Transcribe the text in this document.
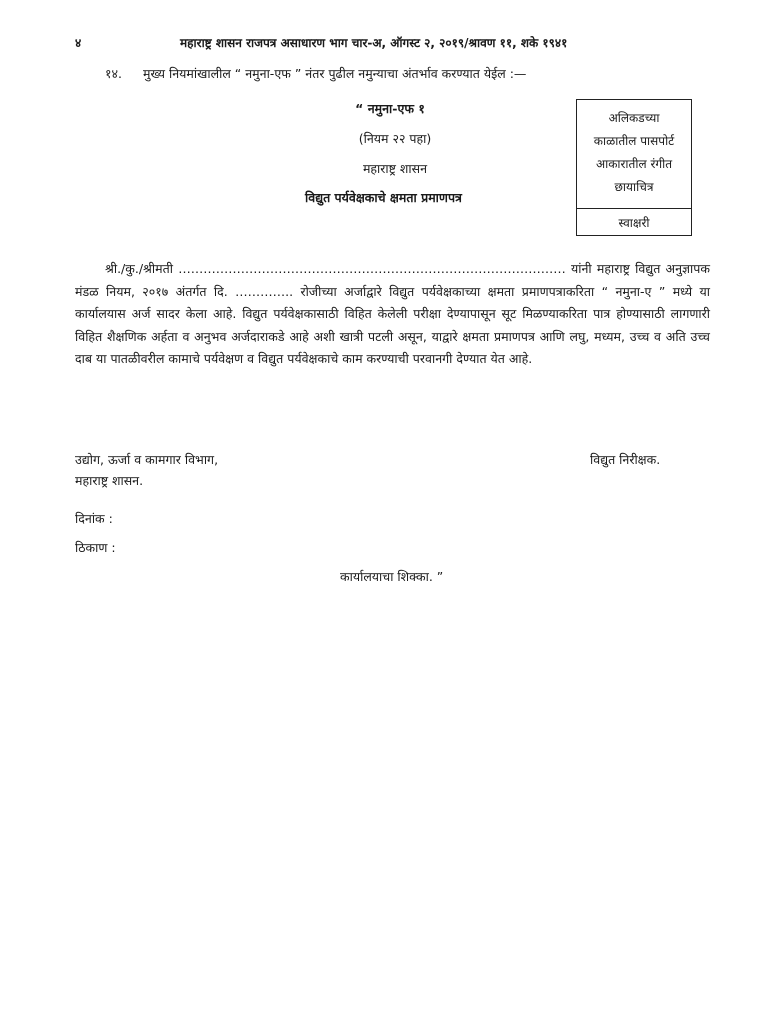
४	महाराष्ट्र शासन राजपत्र असाधारण भाग चार-अ, ऑगस्ट २, २०१९/श्रावण ११, शके १९४१
१४. मुख्य नियमांखालील “ नमुना-एफ ” नंतर पुढील नमुन्याचा अंतर्भाव करण्यात येईल :—
“ नमुना-एफ १
(नियम २२ पहा)
महाराष्ट्र शासन
विद्युत पर्यवेक्षकाचे क्षमता प्रमाणपत्र
अलिकडच्या
काळातील पासपोर्ट
आकारातील रंगीत
छायाचित्र
स्वाक्षरी
श्री./कु./श्रीमती ………………………………………………………………………………… यांनी महाराष्ट्र विद्युत अनुज्ञापक मंडळ नियम, २०१७ अंतर्गत दि. ………….. रोजीच्या अर्जाद्वारे विद्युत पर्यवेक्षकाच्या क्षमता प्रमाणपत्राकरिता “ नमुना-ए ” मध्ये या कार्यालयास अर्ज सादर केला आहे. विद्युत पर्यवेक्षकासाठी विहित केलेली परीक्षा देण्यापासून सूट मिळण्याकरिता पात्र होण्यासाठी लागणारी विहित शैक्षणिक अर्हता व अनुभव अर्जदाराकडे आहे अशी खात्री पटली असून, याद्वारे क्षमता प्रमाणपत्र आणि लघु, मध्यम, उच्च व अति उच्च दाब या पातळीवरील कामाचे पर्यवेक्षण व विद्युत पर्यवेक्षकाचे काम करण्याची परवानगी देण्यात येत आहे.
उद्योग, ऊर्जा व कामगार विभाग,
महाराष्ट्र शासन.
विद्युत निरीक्षक.
दिनांक :
ठिकाण :
कार्यालयाचा शिक्का. ”
